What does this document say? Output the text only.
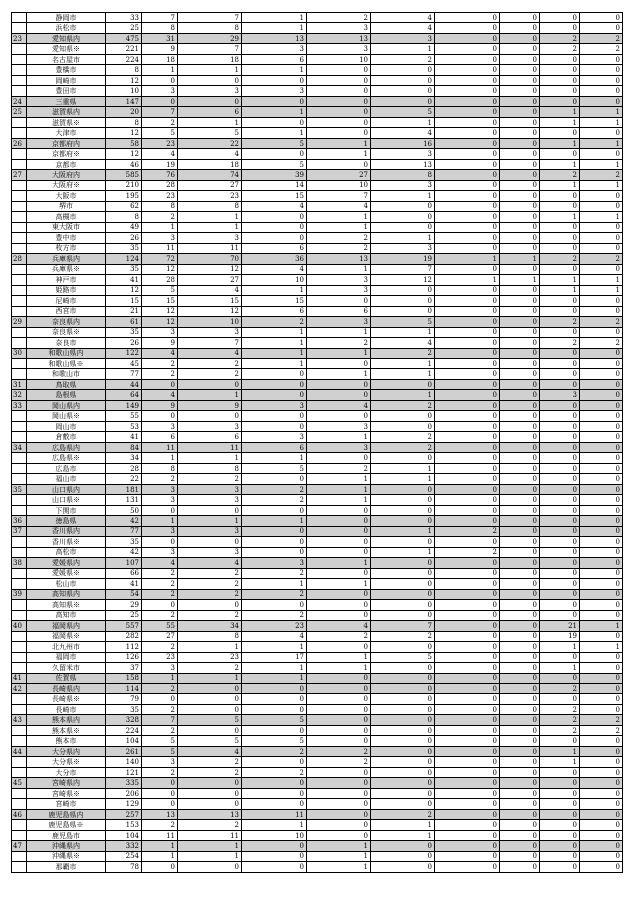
	静岡市	33	7	7	1	2	4	0	0	0	0
	浜松市	25	8	8	1	3	4	0	0	0	0
23	愛知県内	475	31	29	13	13	3	0	0	2	2
	愛知県※	221	9	7	3	3	1	0	0	2	2
	名古屋市	224	18	18	6	10	2	0	0	0	0
	豊橋市	8	1	1	1	0	0	0	0	0	0
	岡崎市	12	0	0	0	0	0	0	0	0	0
	豊田市	10	3	3	3	0	0	0	0	0	0
24	三重県	147	0	0	0	0	0	0	0	0	0
25	滋賀県内	20	7	6	1	0	5	0	0	1	1
	滋賀県※	8	2	1	0	0	1	0	0	1	1
	大津市	12	5	5	1	0	4	0	0	0	0
26	京都府内	58	23	22	5	1	16	0	0	1	1
	京都府※	12	4	4	0	1	3	0	0	0	0
	京都市	46	19	18	5	0	13	0	0	1	1
27	大阪府内	585	76	74	39	27	8	0	0	2	2
	大阪府※	210	28	27	14	10	3	0	0	1	1
	大阪市	195	23	23	15	7	1	0	0	0	0
	堺市	62	8	8	4	4	0	0	0	0	0
	高槻市	8	2	1	0	1	0	0	0	1	1
	東大阪市	49	1	1	0	1	0	0	0	0	0
	豊中市	26	3	3	0	2	1	0	0	0	0
	枚方市	35	11	11	6	2	3	0	0	0	0
28	兵庫県内	124	72	70	36	13	19	1	1	2	2
	兵庫県※	35	12	12	4	1	7	0	0	0	0
	神戸市	41	28	27	10	3	12	1	1	1	1
	姫路市	12	5	4	1	3	0	0	0	1	1
	尼崎市	15	15	15	15	0	0	0	0	0	0
	西宮市	21	12	12	6	6	0	0	0	0	0
29	奈良県内	61	12	10	2	3	5	0	0	2	2
	奈良県※	35	3	3	1	1	1	0	0	0	0
	奈良市	26	9	7	1	2	4	0	0	2	2
30	和歌山県内	122	4	4	1	1	2	0	0	0	0
	和歌山県※	45	2	2	1	0	1	0	0	0	0
	和歌山市	77	2	2	0	1	1	0	0	0	0
31	鳥取県	44	0	0	0	0	0	0	0	0	0
32	島根県	64	4	1	0	0	1	0	0	3	0
33	岡山県内	149	9	9	3	4	2	0	0	0	0
	岡山県※	55	0	0	0	0	0	0	0	0	0
	岡山市	53	3	3	0	3	0	0	0	0	0
	倉敷市	41	6	6	3	1	2	0	0	0	0
34	広島県内	84	11	11	6	3	2	0	0	0	0
	広島県※	34	1	1	1	0	0	0	0	0	0
	広島市	28	8	8	5	2	1	0	0	0	0
	福山市	22	2	2	0	1	1	0	0	0	0
35	山口県内	181	3	3	2	1	0	0	0	0	0
	山口県※	131	3	3	2	1	0	0	0	0	0
	下関市	50	0	0	0	0	0	0	0	0	0
36	徳島県	42	1	1	1	0	0	0	0	0	0
37	香川県内	77	3	3	0	0	1	2	0	0	0
	香川県※	35	0	0	0	0	0	0	0	0	0
	高松市	42	3	3	0	0	1	2	0	0	0
38	愛媛県内	107	4	4	3	1	0	0	0	0	0
	愛媛県※	66	2	2	2	0	0	0	0	0	0
	松山市	41	2	2	1	1	0	0	0	0	0
39	高知県内	54	2	2	2	0	0	0	0	0	0
	高知県※	29	0	0	0	0	0	0	0	0	0
	高知市	25	2	2	2	0	0	0	0	0	0
40	福岡県内	557	55	34	23	4	7	0	0	21	1
	福岡県※	282	27	8	4	2	2	0	0	19	0
	北九州市	112	2	1	1	0	0	0	0	1	1
	福岡市	126	23	23	17	1	5	0	0	0	0
	久留米市	37	3	2	1	1	0	0	0	1	0
41	佐賀県	158	1	1	1	0	0	0	0	0	0
42	長崎県内	114	2	0	0	0	0	0	0	2	0
	長崎県※	79	0	0	0	0	0	0	0	0	0
	長崎市	35	2	0	0	0	0	0	0	2	0
43	熊本県内	328	7	5	5	0	0	0	0	2	2
	熊本県※	224	2	0	0	0	0	0	0	2	2
	熊本市	104	5	5	5	0	0	0	0	0	0
44	大分県内	261	5	4	2	2	0	0	0	1	0
	大分県※	140	3	2	0	2	0	0	0	1	0
	大分市	121	2	2	2	0	0	0	0	0	0
45	宮崎県内	335	0	0	0	0	0	0	0	0	0
	宮崎県※	206	0	0	0	0	0	0	0	0	0
	宮崎市	129	0	0	0	0	0	0	0	0	0
46	鹿児島県内	257	13	13	11	0	2	0	0	0	0
	鹿児島県※	153	2	2	1	0	1	0	0	0	0
	鹿児島市	104	11	11	10	0	1	0	0	0	0
47	沖縄県内	332	1	1	0	1	0	0	0	0	0
	沖縄県※	254	1	1	0	1	0	0	0	0	0
	那覇市	78	0	0	0	1	0	0	0	0	0
